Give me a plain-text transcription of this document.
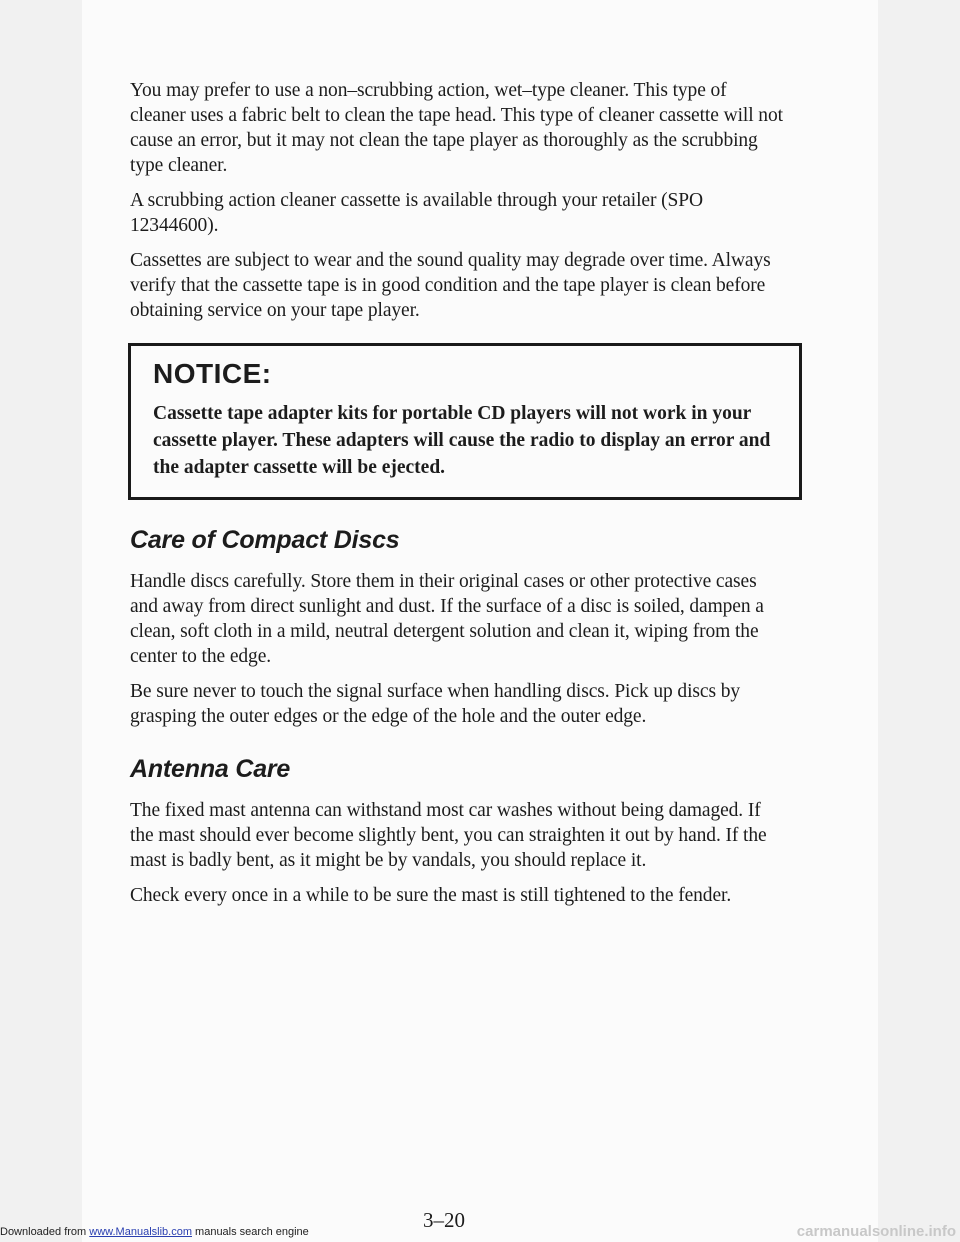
You may prefer to use a non–scrubbing action, wet–type cleaner. This type of cleaner uses a fabric belt to clean the tape head. This type of cleaner cassette will not cause an error, but it may not clean the tape player as thoroughly as the scrubbing type cleaner.

A scrubbing action cleaner cassette is available through your retailer (SPO 12344600).

Cassettes are subject to wear and the sound quality may degrade over time. Always verify that the cassette tape is in good condition and the tape player is clean before obtaining service on your tape player.

NOTICE:

Cassette tape adapter kits for portable CD players will not work in your cassette player. These adapters will cause the radio to display an error and the adapter cassette will be ejected.

Care of Compact Discs

Handle discs carefully. Store them in their original cases or other protective cases and away from direct sunlight and dust. If the surface of a disc is soiled, dampen a clean, soft cloth in a mild, neutral detergent solution and clean it, wiping from the center to the edge.

Be sure never to touch the signal surface when handling discs. Pick up discs by grasping the outer edges or the edge of the hole and the outer edge.

Antenna Care

The fixed mast antenna can withstand most car washes without being damaged. If the mast should ever become slightly bent, you can straighten it out by hand. If the mast is badly bent, as it might be by vandals, you should replace it.

Check every once in a while to be sure the mast is still tightened to the fender.

3–20
Downloaded from www.Manualslib.com manuals search engine	carmanualsonline.info
